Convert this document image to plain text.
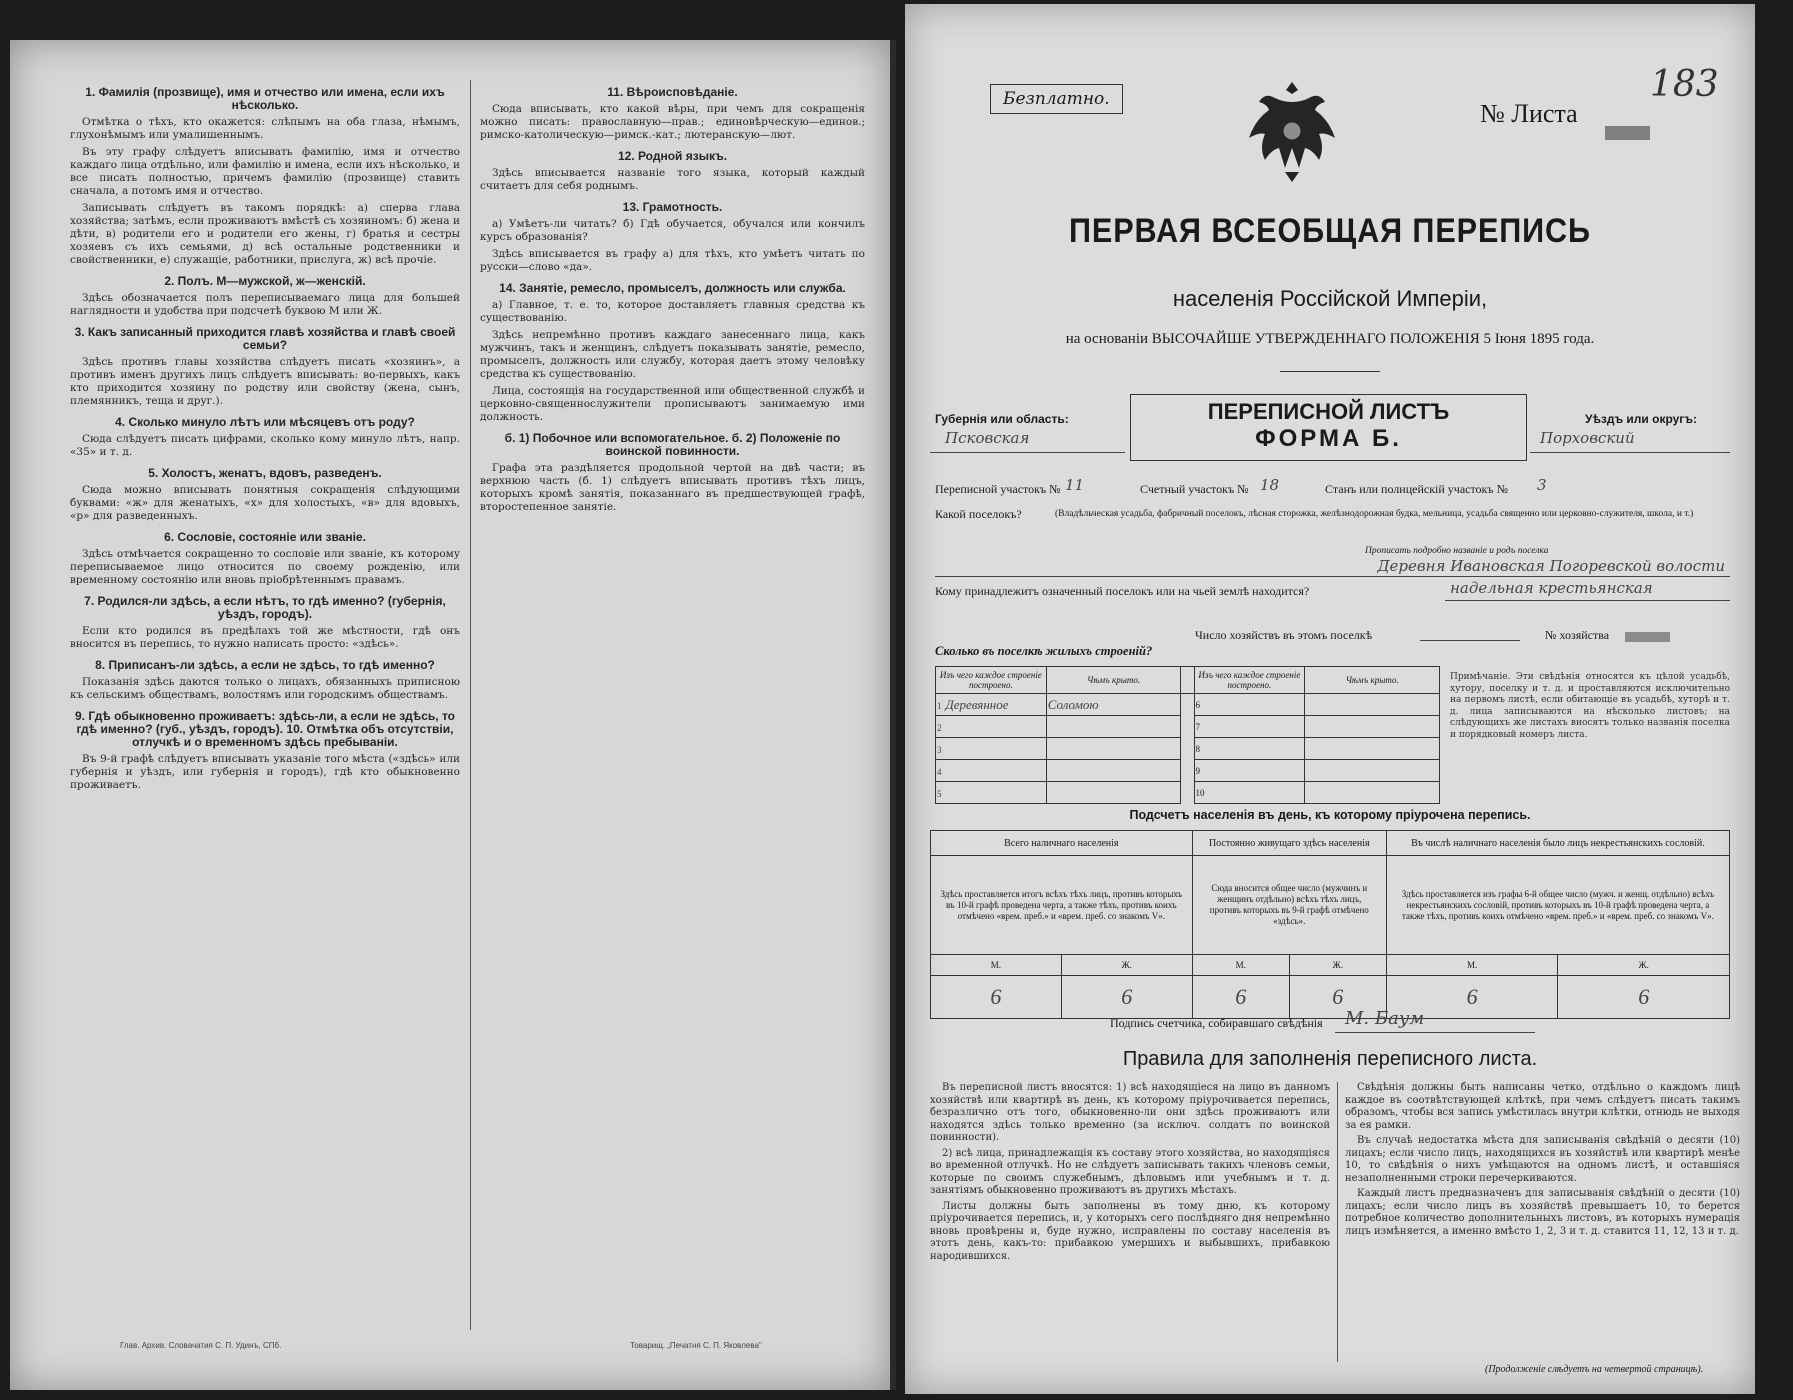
1. Фамилія (прозвище), имя и отчество или имена, если ихъ нѣсколько.

Отмѣтка о тѣхъ, кто окажется: слѣпымъ на оба глаза, нѣмымъ, глухонѣмымъ или умалишеннымъ.

Въ эту графу слѣдуетъ вписывать фамилію, имя и отчество каждаго лица отдѣльно, или фамилію и имена, если ихъ нѣсколько, и все писать полностью, причемъ фамилію (прозвище) ставить сначала, а потомъ имя и отчество.

Записывать слѣдуетъ въ такомъ порядкѣ: а) сперва глава хозяйства; затѣмъ, если проживаютъ вмѣстѣ съ хозяиномъ: б) жена и дѣти, в) родители его и родители его жены, г) братья и сестры хозяевъ съ ихъ семьями, д) всѣ остальные родственники и свойственники, е) служащіе, работники, прислуга, ж) всѣ прочіе.

2. Полъ. М—мужской, ж—женскій.

Здѣсь обозначается полъ переписываемаго лица для большей наглядности и удобства при подсчетѣ буквою М или Ж.

3. Какъ записанный приходится главѣ хозяйства и главѣ своей семьи?

Здѣсь противъ главы хозяйства слѣдуетъ писать «хозяинъ», а противъ именъ другихъ лицъ слѣдуетъ вписывать: во-первыхъ, какъ кто приходится хозяину по родству или свойству (жена, сынъ, племянникъ, теща и друг.).

4. Сколько минуло лѣтъ или мѣсяцевъ отъ роду?

Сюда слѣдуетъ писать цифрами, сколько кому минуло лѣтъ, напр. «35» и т. д.

5. Холостъ, женатъ, вдовъ, разведенъ.

Сюда можно вписывать понятныя сокращенія слѣдующими буквами: «ж» для женатыхъ, «х» для холостыхъ, «в» для вдовыхъ, «р» для разведенныхъ.

6. Сословіе, состояніе или званіе.

Здѣсь отмѣчается сокращенно то сословіе или званіе, къ которому переписываемое лицо относится по своему рожденію, или временному состоянію или вновь пріобрѣтеннымъ правамъ.

7. Родился-ли здѣсь, а если нѣтъ, то гдѣ именно? (губернія, уѣздъ, городъ).

Если кто родился въ предѣлахъ той же мѣстности, гдѣ онъ вносится въ перепись, то нужно написать просто: «здѣсь».

8. Приписанъ-ли здѣсь, а если не здѣсь, то гдѣ именно?

Показанія здѣсь даются только о лицахъ, обязанныхъ приписною къ сельскимъ обществамъ, волостямъ или городскимъ обществамъ.

9. Гдѣ обыкновенно проживаетъ: здѣсь-ли, а если не здѣсь, то гдѣ именно? (губ., уѣздъ, городъ). 10. Отмѣтка объ отсутствіи, отлучкѣ и о временномъ здѣсь пребываніи.

Въ 9-й графѣ слѣдуетъ вписывать указаніе того мѣста («здѣсь» или губернія и уѣздъ, или губернія и городъ), гдѣ кто обыкновенно проживаетъ.

11. Вѣроисповѣданіе.

Сюда вписывать, кто какой вѣры, при чемъ для сокращенія можно писать: православную—прав.; единовѣрческую—единов.; римско-католическую—римск.-кат.; лютеранскую—лют.

12. Родной языкъ.

Здѣсь вписывается названіе того языка, который каждый считаетъ для себя роднымъ.

13. Грамотность.

а) Умѣетъ-ли читать? б) Гдѣ обучается, обучался или кончилъ курсъ образованія?

Здѣсь вписывается въ графу а) для тѣхъ, кто умѣетъ читать по русски—слово «да».

14. Занятіе, ремесло, промыселъ, должность или служба.

а) Главное, т. е. то, которое доставляетъ главныя средства къ существованію.

Здѣсь непремѣнно противъ каждаго занесеннаго лица, какъ мужчинъ, такъ и женщинъ, слѣдуетъ показывать занятіе, ремесло, промыселъ, должность или службу, которая даетъ этому человѣку средства къ существованію.

Лица, состоящія на государственной или общественной службѣ и церковно-священнослужители прописываютъ занимаемую ими должность.

б. 1) Побочное или вспомогательное. б. 2) Положеніе по воинской повинности.

Графа эта раздѣляется продольной чертой на двѣ части; въ верхнюю часть (б. 1) слѣдуетъ вписывать противъ тѣхъ лицъ, которыхъ кромѣ занятія, показаннаго въ предшествующей графѣ, второстепенное занятіе.

Глав. Архив. Словачатия С. П. Удинъ, СПб.	Товарищ. „Печатня С. П. Яковлева"
Безплатно.	№ Листа
183
ПЕРВАЯ ВСЕОБЩАЯ ПЕРЕПИСЬ
населенія Россійской Имперіи,
на основаніи ВЫСОЧАЙШЕ УТВЕРЖДЕННАГО ПОЛОЖЕНІЯ 5 Іюня 1895 года.
Губернія или область:
Псковская
ПЕРЕПИСНОЙ ЛИСТЪ
ФОРМА Б.
Уѣздъ или округъ:
Порховский
Переписной участокъ № 11	Счетный участокъ № 18	Станъ или полицейскій участокъ № 3
Какой поселокъ?	(Владѣльческая усадьба, фабричный поселокъ, лѣсная сторожка, желѣзнодорожная будка, мельница, усадьба священно или церковно-служителя, школа, и т.)
Прописать подробно названіе и родъ поселка
Деревня Ивановская Погоревской волости
Кому принадлежитъ означенный поселокъ или на чьей землѣ находится?	надельная крестьянская
Число хозяйствъ въ этомъ поселкѣ	№ хозяйства
Сколько въ поселкѣ жилыхъ строеній?
Изъ чего каждое строеніе построено.	Чѣмъ крыто.		Изъ чего каждое строеніе построено.	Чѣмъ крыто.
1 Деревянное	Соломою		6	
2			7	
3			8	
4			9	
5			10	
Примѣчаніе. Эти свѣдѣнія относятся къ цѣлой усадьбѣ, хутору, поселку и т. д. и проставляются исключительно на первомъ листѣ, если обитающіе въ усадьбѣ, хуторѣ и т. д. лица записываются на нѣсколько листовъ; на слѣдующихъ же листахъ вносятъ только названія поселка и порядковый номеръ листа.
Подсчетъ населенія въ день, къ которому пріурочена перепись.
Всего наличнаго населенія		Постоянно живущаго здѣсь населенія		Въ числѣ наличнаго населенія было лицъ некрестьянскихъ сословій.	
Здѣсь проставляется итогъ всѣхъ тѣхъ лицъ, противъ которыхъ въ 10-й графѣ проведена черта, а также тѣхъ, противъ коихъ отмѣчено «врем. преб.» и «врем. преб. со знакомъ V».		Сюда вносится общее число (мужчинъ и женщинъ отдѣльно) всѣхъ тѣхъ лицъ, противъ которыхъ въ 9-й графѣ отмѣчено «здѣсь».		Здѣсь проставляется изъ графы 6-й общее число (мужч. и женщ. отдѣльно) всѣхъ некрестьянскихъ сословій, противъ которыхъ въ 10-й графѣ проведена черта, а также тѣхъ, противъ коихъ отмѣчено «врем. преб.» и «врем. преб. со знакомъ V».	
М.	Ж.	М.	Ж.	М.	Ж.
6	6	6	6	6	6
Подпись счетчика, собиравшаго свѣдѣнія М. Баум
Правила для заполненія переписного листа.

Въ переписной листъ вносятся: 1) всѣ находящіеся на лицо въ данномъ хозяйствѣ или квартирѣ въ день, къ которому пріурочивается перепись, безразлично отъ того, обыкновенно-ли они здѣсь проживаютъ или находятся здѣсь только временно (за исключ. солдатъ по воинской повинности).

2) всѣ лица, принадлежащія къ составу этого хозяйства, но находящіяся во временной отлучкѣ. Но не слѣдуетъ записывать такихъ членовъ семьи, которые по своимъ служебнымъ, дѣловымъ или учебнымъ и т. д. занятіямъ обыкновенно проживаютъ въ другихъ мѣстахъ.

Листы должны быть заполнены въ тому дню, къ которому пріурочивается перепись, и, у которыхъ сего послѣдняго дня непремѣнно вновь провѣрены и, буде нужно, исправлены по составу населенія въ этотъ день, какъ-то: прибавкою умершихъ и выбывшихъ, прибавкою народившихся.

Свѣдѣнія должны быть написаны четко, отдѣльно о каждомъ лицѣ каждое въ соотвѣтствующей клѣткѣ, при чемъ слѣдуетъ писать такимъ образомъ, чтобы вся запись умѣстилась внутри клѣтки, отнюдь не выходя за ея рамки.

Въ случаѣ недостатка мѣста для записыванія свѣдѣній о десяти (10) лицахъ; если число лицъ, находящихся въ хозяйствѣ или квартирѣ менѣе 10, то свѣдѣнія о нихъ умѣщаются на одномъ листѣ, и оставшіяся незаполненными строки перечеркиваются.

Каждый листъ предназначенъ для записыванія свѣдѣній о десяти (10) лицахъ; если число лицъ въ хозяйствѣ превышаетъ 10, то берется потребное количество дополнительныхъ листовъ, въ которыхъ нумерація лицъ измѣняется, а именно вмѣсто 1, 2, 3 и т. д. ставится 11, 12, 13 и т. д.

(Продолженіе слѣдуетъ на четвертой страницѣ).
